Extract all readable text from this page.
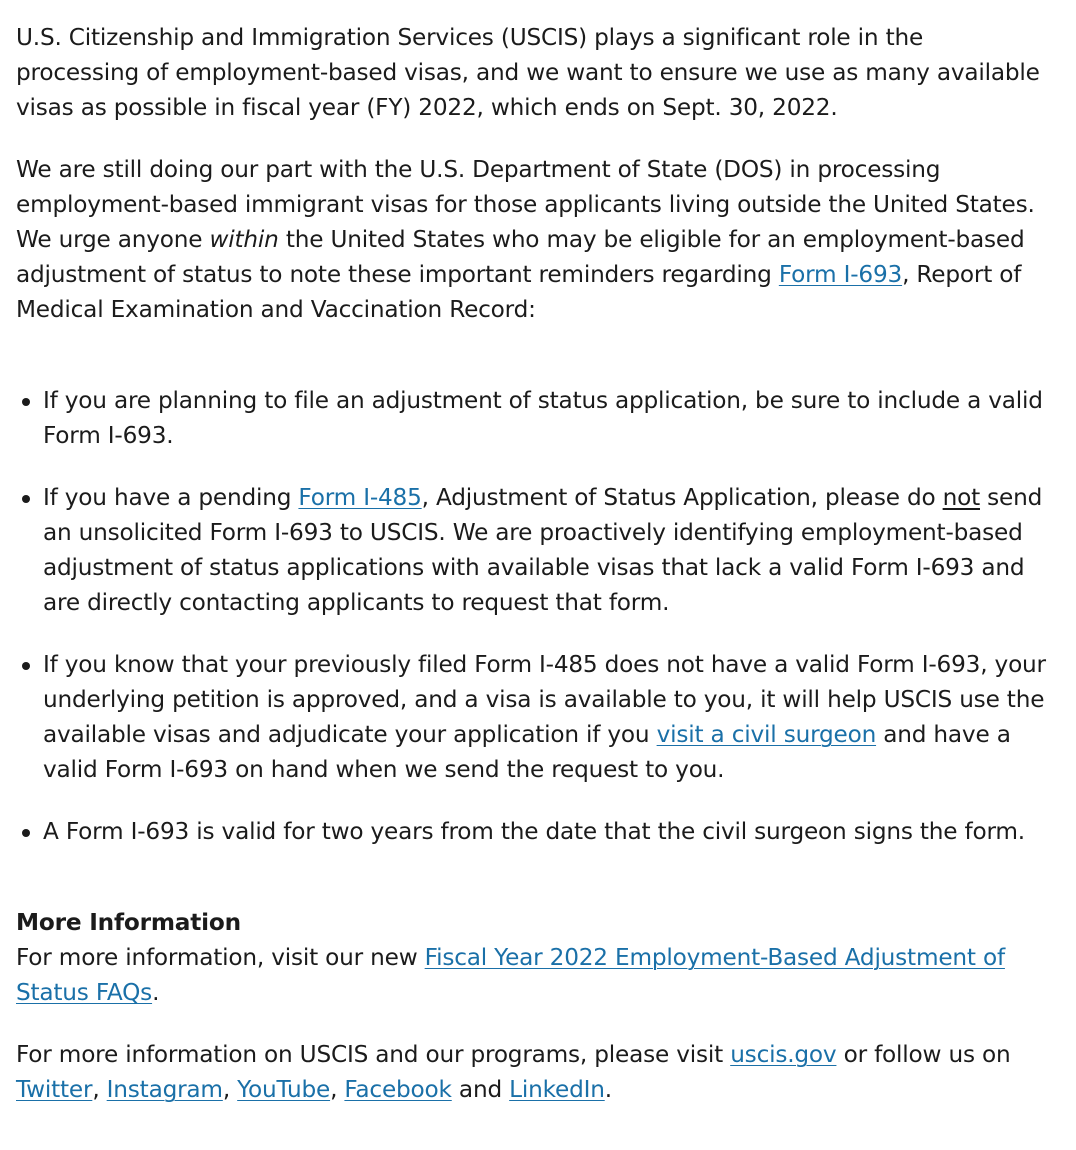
U.S. Citizenship and Immigration Services (USCIS) plays a significant role in the processing of employment-based visas, and we want to ensure we use as many available visas as possible in fiscal year (FY) 2022, which ends on Sept. 30, 2022.

We are still doing our part with the U.S. Department of State (DOS) in processing employment-based immigrant visas for those applicants living outside the United States. We urge anyone within the United States who may be eligible for an employment-based adjustment of status to note these important reminders regarding Form I-693, Report of Medical Examination and Vaccination Record:

If you are planning to file an adjustment of status application, be sure to include a valid Form I-693.
If you have a pending Form I-485, Adjustment of Status Application, please do not send an unsolicited Form I-693 to USCIS. We are proactively identifying employment-based adjustment of status applications with available visas that lack a valid Form I-693 and are directly contacting applicants to request that form.
If you know that your previously filed Form I-485 does not have a valid Form I-693, your underlying petition is approved, and a visa is available to you, it will help USCIS use the available visas and adjudicate your application if you visit a civil surgeon and have a valid Form I-693 on hand when we send the request to you.
A Form I-693 is valid for two years from the date that the civil surgeon signs the form.
More Information

For more information, visit our new Fiscal Year 2022 Employment-Based Adjustment of Status FAQs.

For more information on USCIS and our programs, please visit uscis.gov or follow us on Twitter, Instagram, YouTube, Facebook and LinkedIn.
